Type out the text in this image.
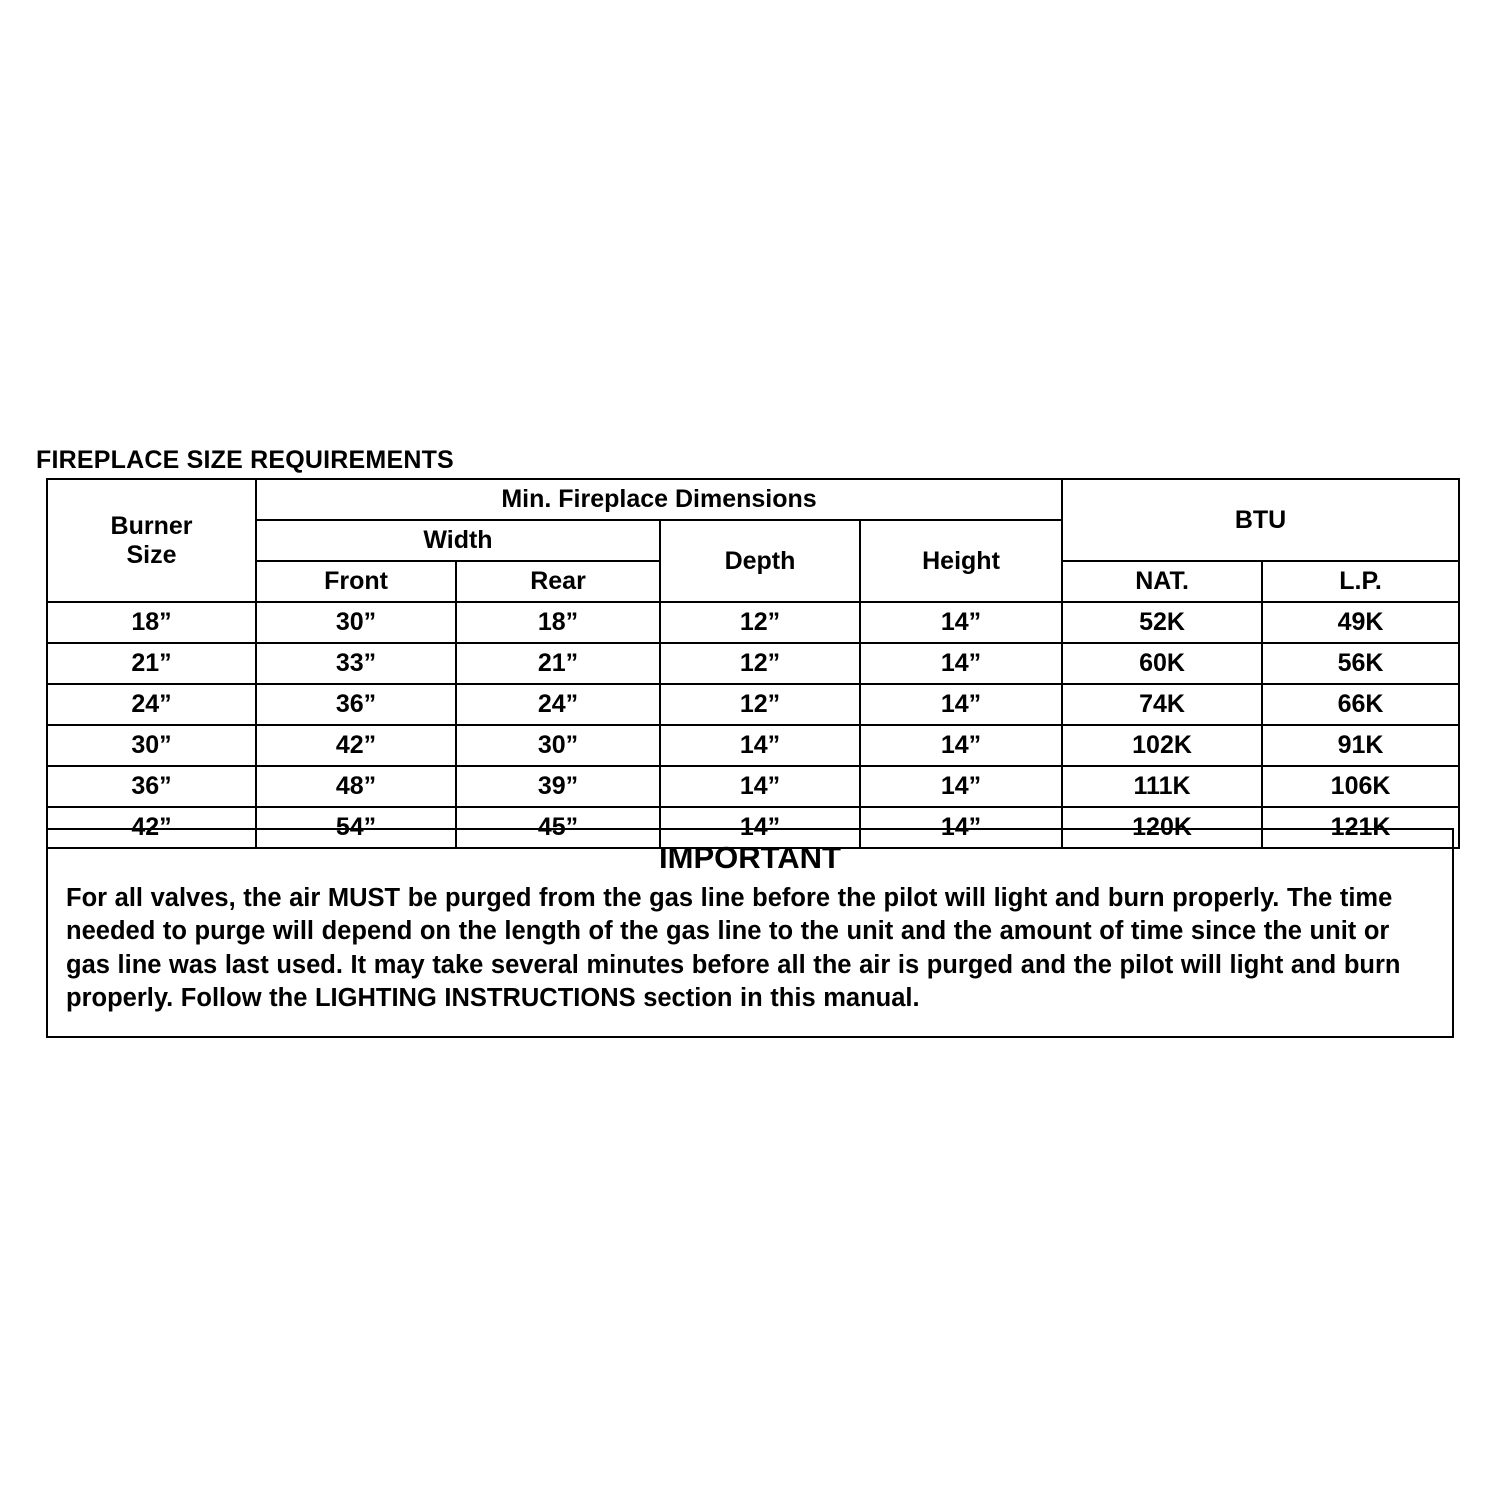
FIREPLACE SIZE REQUIREMENTS
Burner
Size	Min. Fireplace Dimensions				BTU	
	Width		Depth	Height		
	Front	Rear			NAT.	L.P.
18”	30”	18”	12”	14”	52K	49K
21”	33”	21”	12”	14”	60K	56K
24”	36”	24”	12”	14”	74K	66K
30”	42”	30”	14”	14”	102K	91K
36”	48”	39”	14”	14”	111K	106K
42”	54”	45”	14”	14”	120K	121K
IMPORTANT
For all valves, the air MUST be purged from the gas line before the pilot will light and burn properly. The time needed to purge will depend on the length of the gas line to the unit and the amount of time since the unit or gas line was last used. It may take several minutes before all the air is purged and the pilot will light and burn properly. Follow the LIGHTING INSTRUCTIONS section in this manual.
